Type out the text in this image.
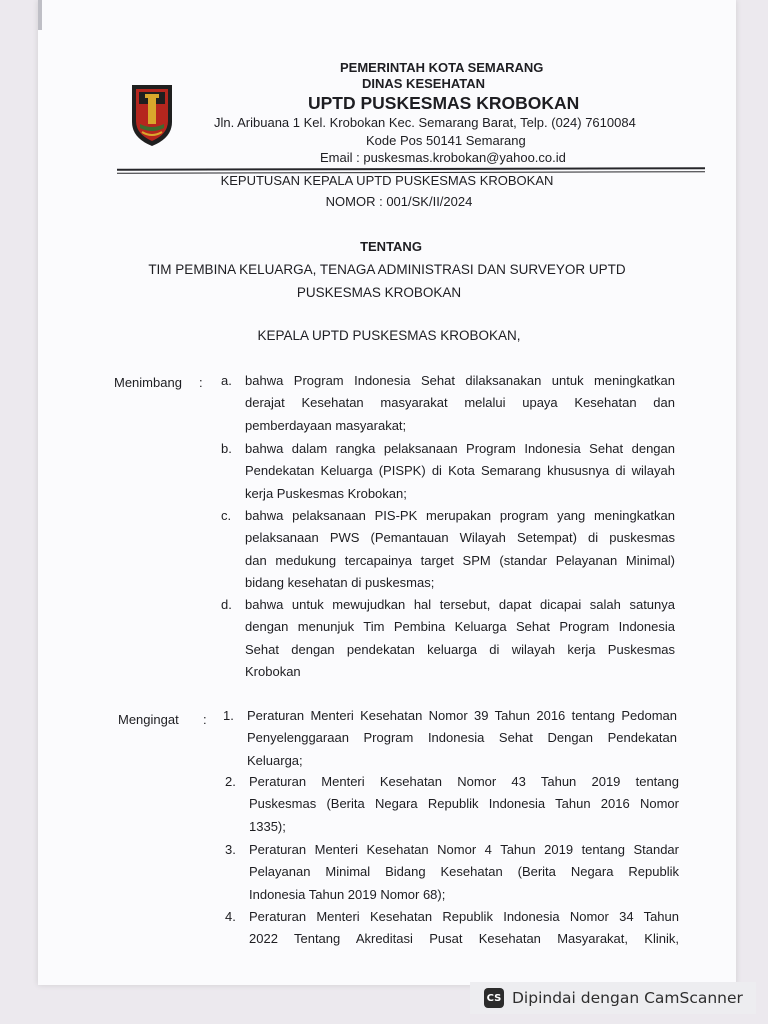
PEMERINTAH KOTA SEMARANG
DINAS KESEHATAN
UPTD PUSKESMAS KROBOKAN
Jln. Aribuana 1 Kel. Krobokan Kec. Semarang Barat, Telp. (024) 7610084
Kode Pos 50141 Semarang
Email : puskesmas.krobokan@yahoo.co.id
KEPUTUSAN KEPALA UPTD PUSKESMAS KROBOKAN
NOMOR : 001/SK/II/2024
TENTANG
TIM PEMBINA KELUARGA, TENAGA ADMINISTRASI DAN SURVEYOR UPTD
PUSKESMAS KROBOKAN
KEPALA UPTD PUSKESMAS KROBOKAN,
Menimbang : a. bahwa Program Indonesia Sehat dilaksanakan untuk meningkatkan
derajat Kesehatan masyarakat melalui upaya Kesehatan dan
pemberdayaan masyarakat;
b. bahwa dalam rangka pelaksanaan Program Indonesia Sehat dengan
Pendekatan Keluarga (PISPK) di Kota Semarang khususnya di wilayah
kerja Puskesmas Krobokan;
c. bahwa pelaksanaan PIS-PK merupakan program yang meningkatkan
pelaksanaan PWS (Pemantauan Wilayah Setempat) di puskesmas
dan medukung tercapainya target SPM (standar Pelayanan Minimal)
bidang kesehatan di puskesmas;
d. bahwa untuk mewujudkan hal tersebut, dapat dicapai salah satunya
dengan menunjuk Tim Pembina Keluarga Sehat Program Indonesia
Sehat dengan pendekatan keluarga di wilayah kerja Puskesmas
Krobokan
Mengingat : 1. Peraturan Menteri Kesehatan Nomor 39 Tahun 2016 tentang Pedoman
Penyelenggaraan Program Indonesia Sehat Dengan Pendekatan
Keluarga;
2. Peraturan Menteri Kesehatan Nomor 43 Tahun 2019 tentang
Puskesmas (Berita Negara Republik Indonesia Tahun 2016 Nomor
1335);
3. Peraturan Menteri Kesehatan Nomor 4 Tahun 2019 tentang Standar
Pelayanan Minimal Bidang Kesehatan (Berita Negara Republik
Indonesia Tahun 2019 Nomor 68);
4. Peraturan Menteri Kesehatan Republik Indonesia Nomor 34 Tahun
2022 Tentang Akreditasi Pusat Kesehatan Masyarakat, Klinik,
CS Dipindai dengan CamScanner
